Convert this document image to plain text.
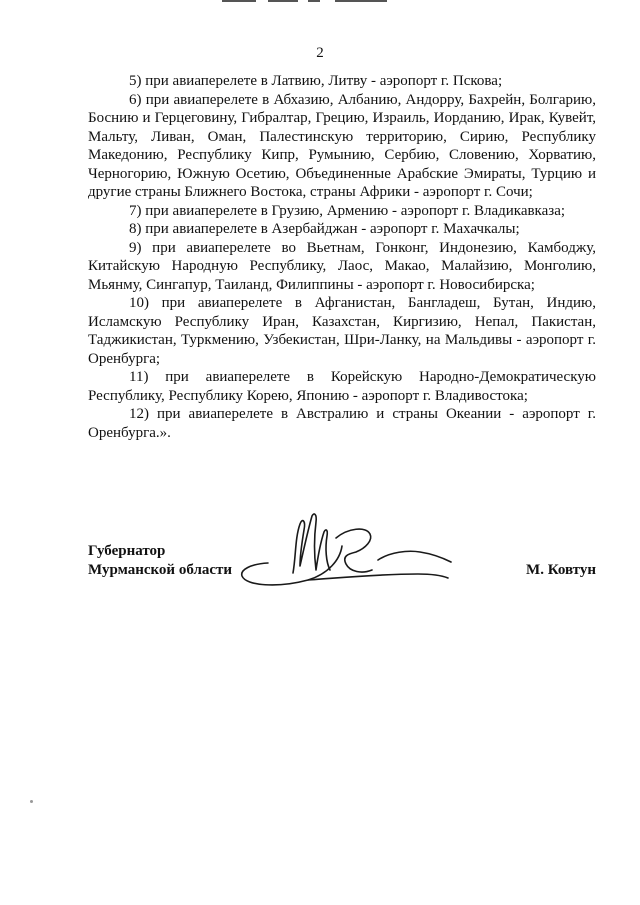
2

5) при авиаперелете в Латвию, Литву - аэропорт г. Пскова;

6) при авиаперелете в Абхазию, Албанию, Андорру, Бахрейн, Болгарию, Боснию и Герцеговину, Гибралтар, Грецию, Израиль, Иорданию, Ирак, Кувейт, Мальту, Ливан, Оман, Палестинскую территорию, Сирию, Республику Македонию, Республику Кипр, Румынию, Сербию, Словению, Хорватию, Черногорию, Южную Осетию, Объединенные Арабские Эмираты, Турцию и другие страны Ближнего Востока, страны Африки - аэропорт г. Сочи;

7) при авиаперелете в Грузию, Армению - аэропорт г. Владикавказа;

8) при авиаперелете в Азербайджан - аэропорт г. Махачкалы;

9) при авиаперелете во Вьетнам, Гонконг, Индонезию, Камбоджу, Китайскую Народную Республику, Лаос, Макао, Малайзию, Монголию, Мьянму, Сингапур, Таиланд, Филиппины - аэропорт г. Новосибирска;

10) при авиаперелете в Афганистан, Бангладеш, Бутан, Индию, Исламскую Республику Иран, Казахстан, Киргизию, Непал, Пакистан, Таджикистан, Туркмению, Узбекистан, Шри-Ланку, на Мальдивы - аэропорт г. Оренбурга;

11) при авиаперелете в Корейскую Народно-Демократическую Республику, Республику Корею, Японию - аэропорт г. Владивостока;

12) при авиаперелете в Австралию и страны Океании - аэропорт г. Оренбурга.».

Губернатор
Мурманской области	М. Ковтун
